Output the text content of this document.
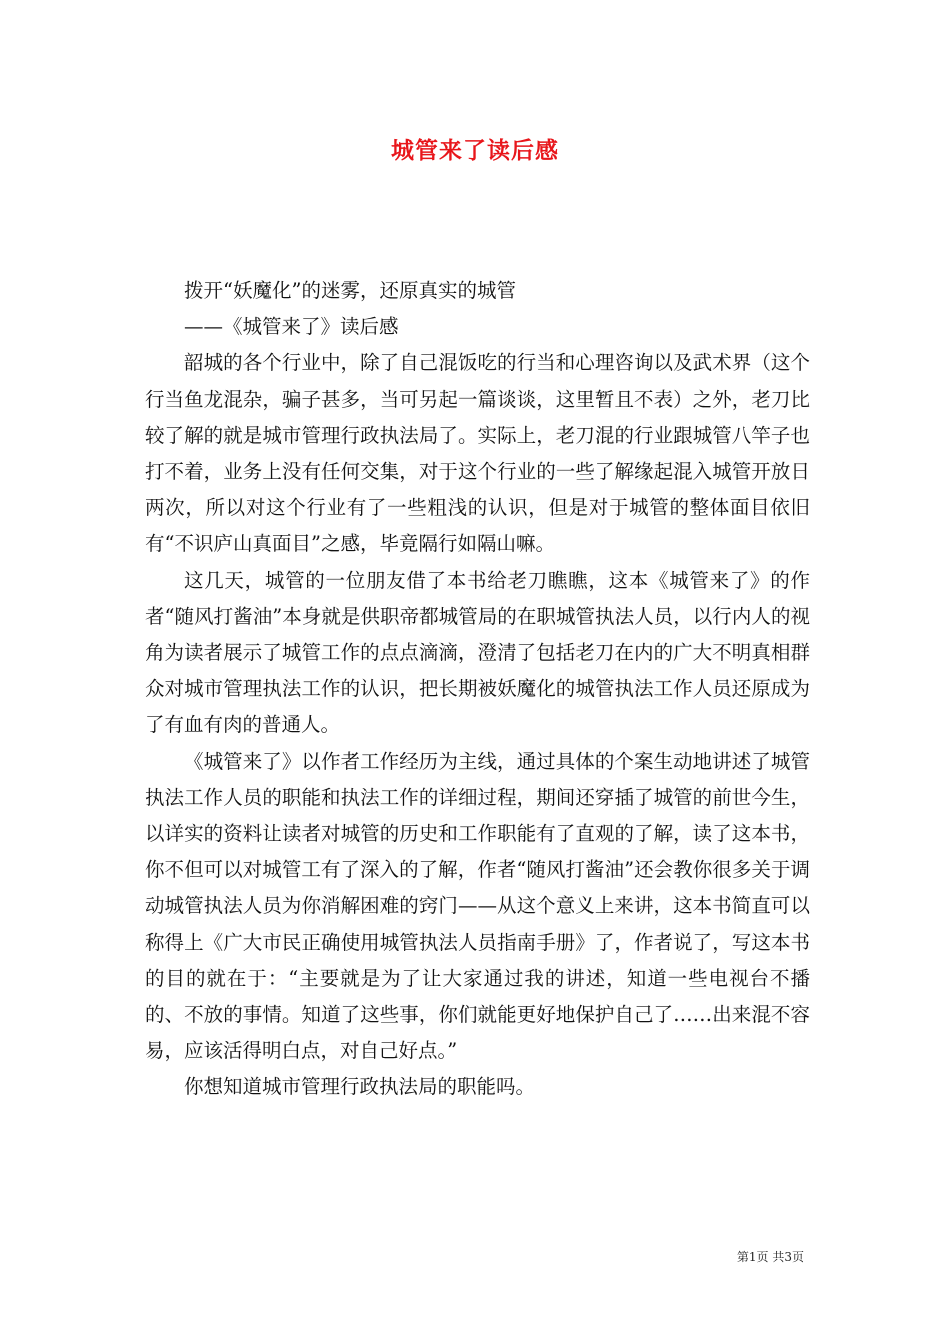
城管来了读后感

拨开“妖魔化”的迷雾，还原真实的城管

——《城管来了》读后感

韶城的各个行业中，除了自己混饭吃的行当和心理咨询以及武术界（这个行当鱼龙混杂，骗子甚多，当可另起一篇谈谈，这里暂且不表）之外，老刀比较了解的就是城市管理行政执法局了。实际上，老刀混的行业跟城管八竿子也打不着，业务上没有任何交集，对于这个行业的一些了解缘起混入城管开放日两次，所以对这个行业有了一些粗浅的认识，但是对于城管的整体面目依旧有“不识庐山真面目”之感，毕竟隔行如隔山嘛。

这几天，城管的一位朋友借了本书给老刀瞧瞧，这本《城管来了》的作者“随风打酱油”本身就是供职帝都城管局的在职城管执法人员，以行内人的视角为读者展示了城管工作的点点滴滴，澄清了包括老刀在内的广大不明真相群众对城市管理执法工作的认识，把长期被妖魔化的城管执法工作人员还原成为了有血有肉的普通人。

《城管来了》以作者工作经历为主线，通过具体的个案生动地讲述了城管执法工作人员的职能和执法工作的详细过程，期间还穿插了城管的前世今生，以详实的资料让读者对城管的历史和工作职能有了直观的了解，读了这本书，你不但可以对城管工有了深入的了解，作者“随风打酱油”还会教你很多关于调动城管执法人员为你消解困难的窍门——从这个意义上来讲，这本书简直可以称得上《广大市民正确使用城管执法人员指南手册》了，作者说了，写这本书的目的就在于：“主要就是为了让大家通过我的讲述，知道一些电视台不播的、不放的事情。知道了这些事，你们就能更好地保护自己了……出来混不容易，应该活得明白点，对自己好点。”

你想知道城市管理行政执法局的职能吗。

第1页 共3页
